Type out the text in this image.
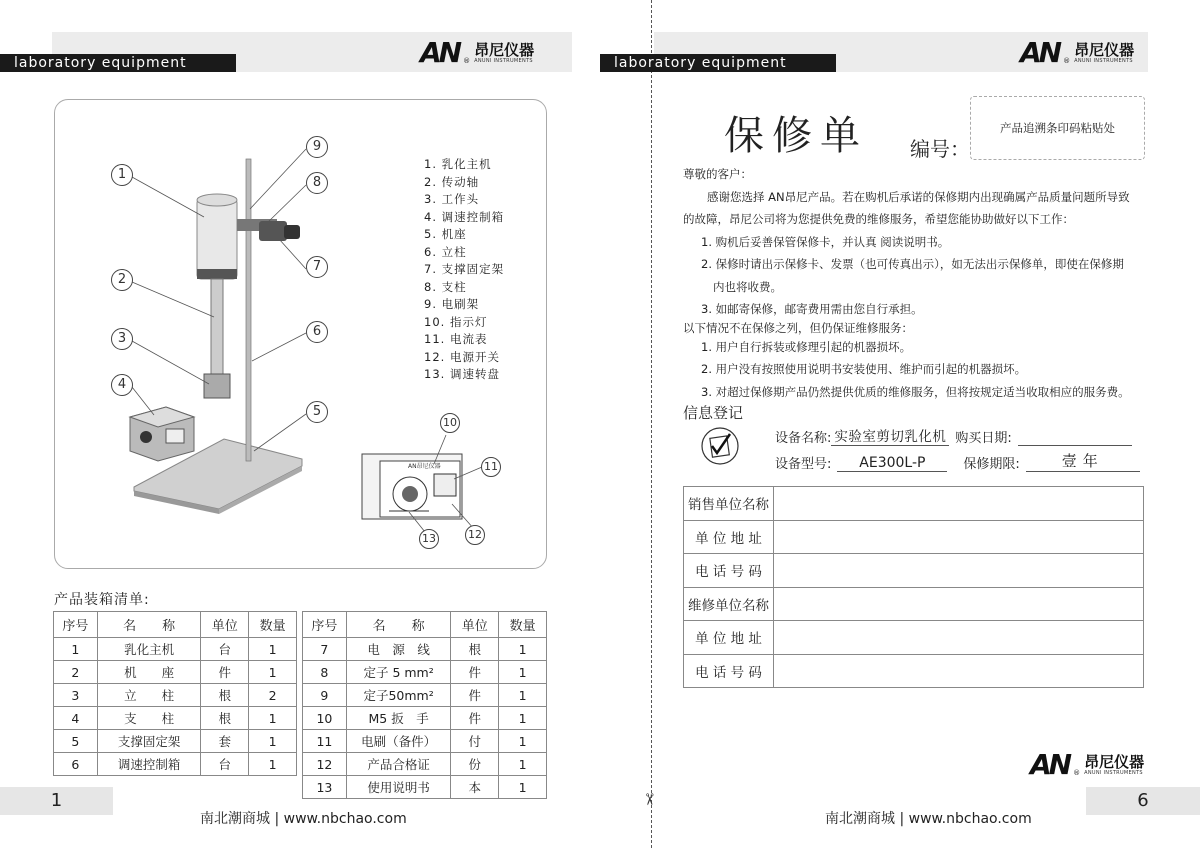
laboratory equipment	AN ®
昂尼仪器
ANUNI INSTRUMENTS
AN昂尼仪器
1
2
3
4
5
6
7
8
9
10
11
12
13
1. 乳化主机
2. 传动轴
3. 工作头
4. 调速控制箱
5. 机座
6. 立柱
7. 支撑固定架
8. 支柱
9. 电刷架
10. 指示灯
11. 电流表
12. 电源开关
13. 调速转盘
产品装箱清单:
序号	名　　称	单位	数量
1	乳化主机	台	1
2	机　　座	件	1
3	立　　柱	根	2
4	支　　柱	根	1
5	支撑固定架	套	1
6	调速控制箱	台	1
序号	名　　称	单位	数量
7	电　源　线	根	1
8	定子 5 mm²	件	1
9	定子50mm²	件	1
10	M5 扳　手	件	1
11	电刷（备件）	付	1
12	产品合格证	份	1
13	使用说明书	本	1
1
南北潮商城 | www.nbchao.com
✂
laboratory equipment	AN ®
昂尼仪器
ANUNI INSTRUMENTS
保修单 编号：
产品追溯条印码粘贴处
尊敬的客户：
感谢您选择 AN昂尼产品。若在购机后承诺的保修期内出现确属产品质量问题所导致
的故障，昂尼公司将为您提供免费的维修服务，希望您能协助做好以下工作：
1. 购机后妥善保管保修卡，并认真 阅读说明书。
2. 保修时请出示保修卡、发票（也可传真出示），如无法出示保修单，即使在保修期
内也将收费。
3. 如邮寄保修，邮寄费用需由您自行承担。
以下情况不在保修之列，但仍保证维修服务：
1. 用户自行拆装或修理引起的机器损坏。
2. 用户没有按照使用说明书安装使用、维护而引起的机器损坏。
3. 对超过保修期产品仍然提供优质的维修服务，但将按规定适当收取相应的服务费。
信息登记
设备名称: 实验室剪切乳化机 购买日期:
设备型号:	AE300L-P	保修期限:	壹年
销售单位名称	
单 位 地 址	
电 话 号 码	
维修单位名称	
单 位 地 址	
电 话 号 码	
AN ®
昂尼仪器
ANUNI INSTRUMENTS
6
南北潮商城 | www.nbchao.com
